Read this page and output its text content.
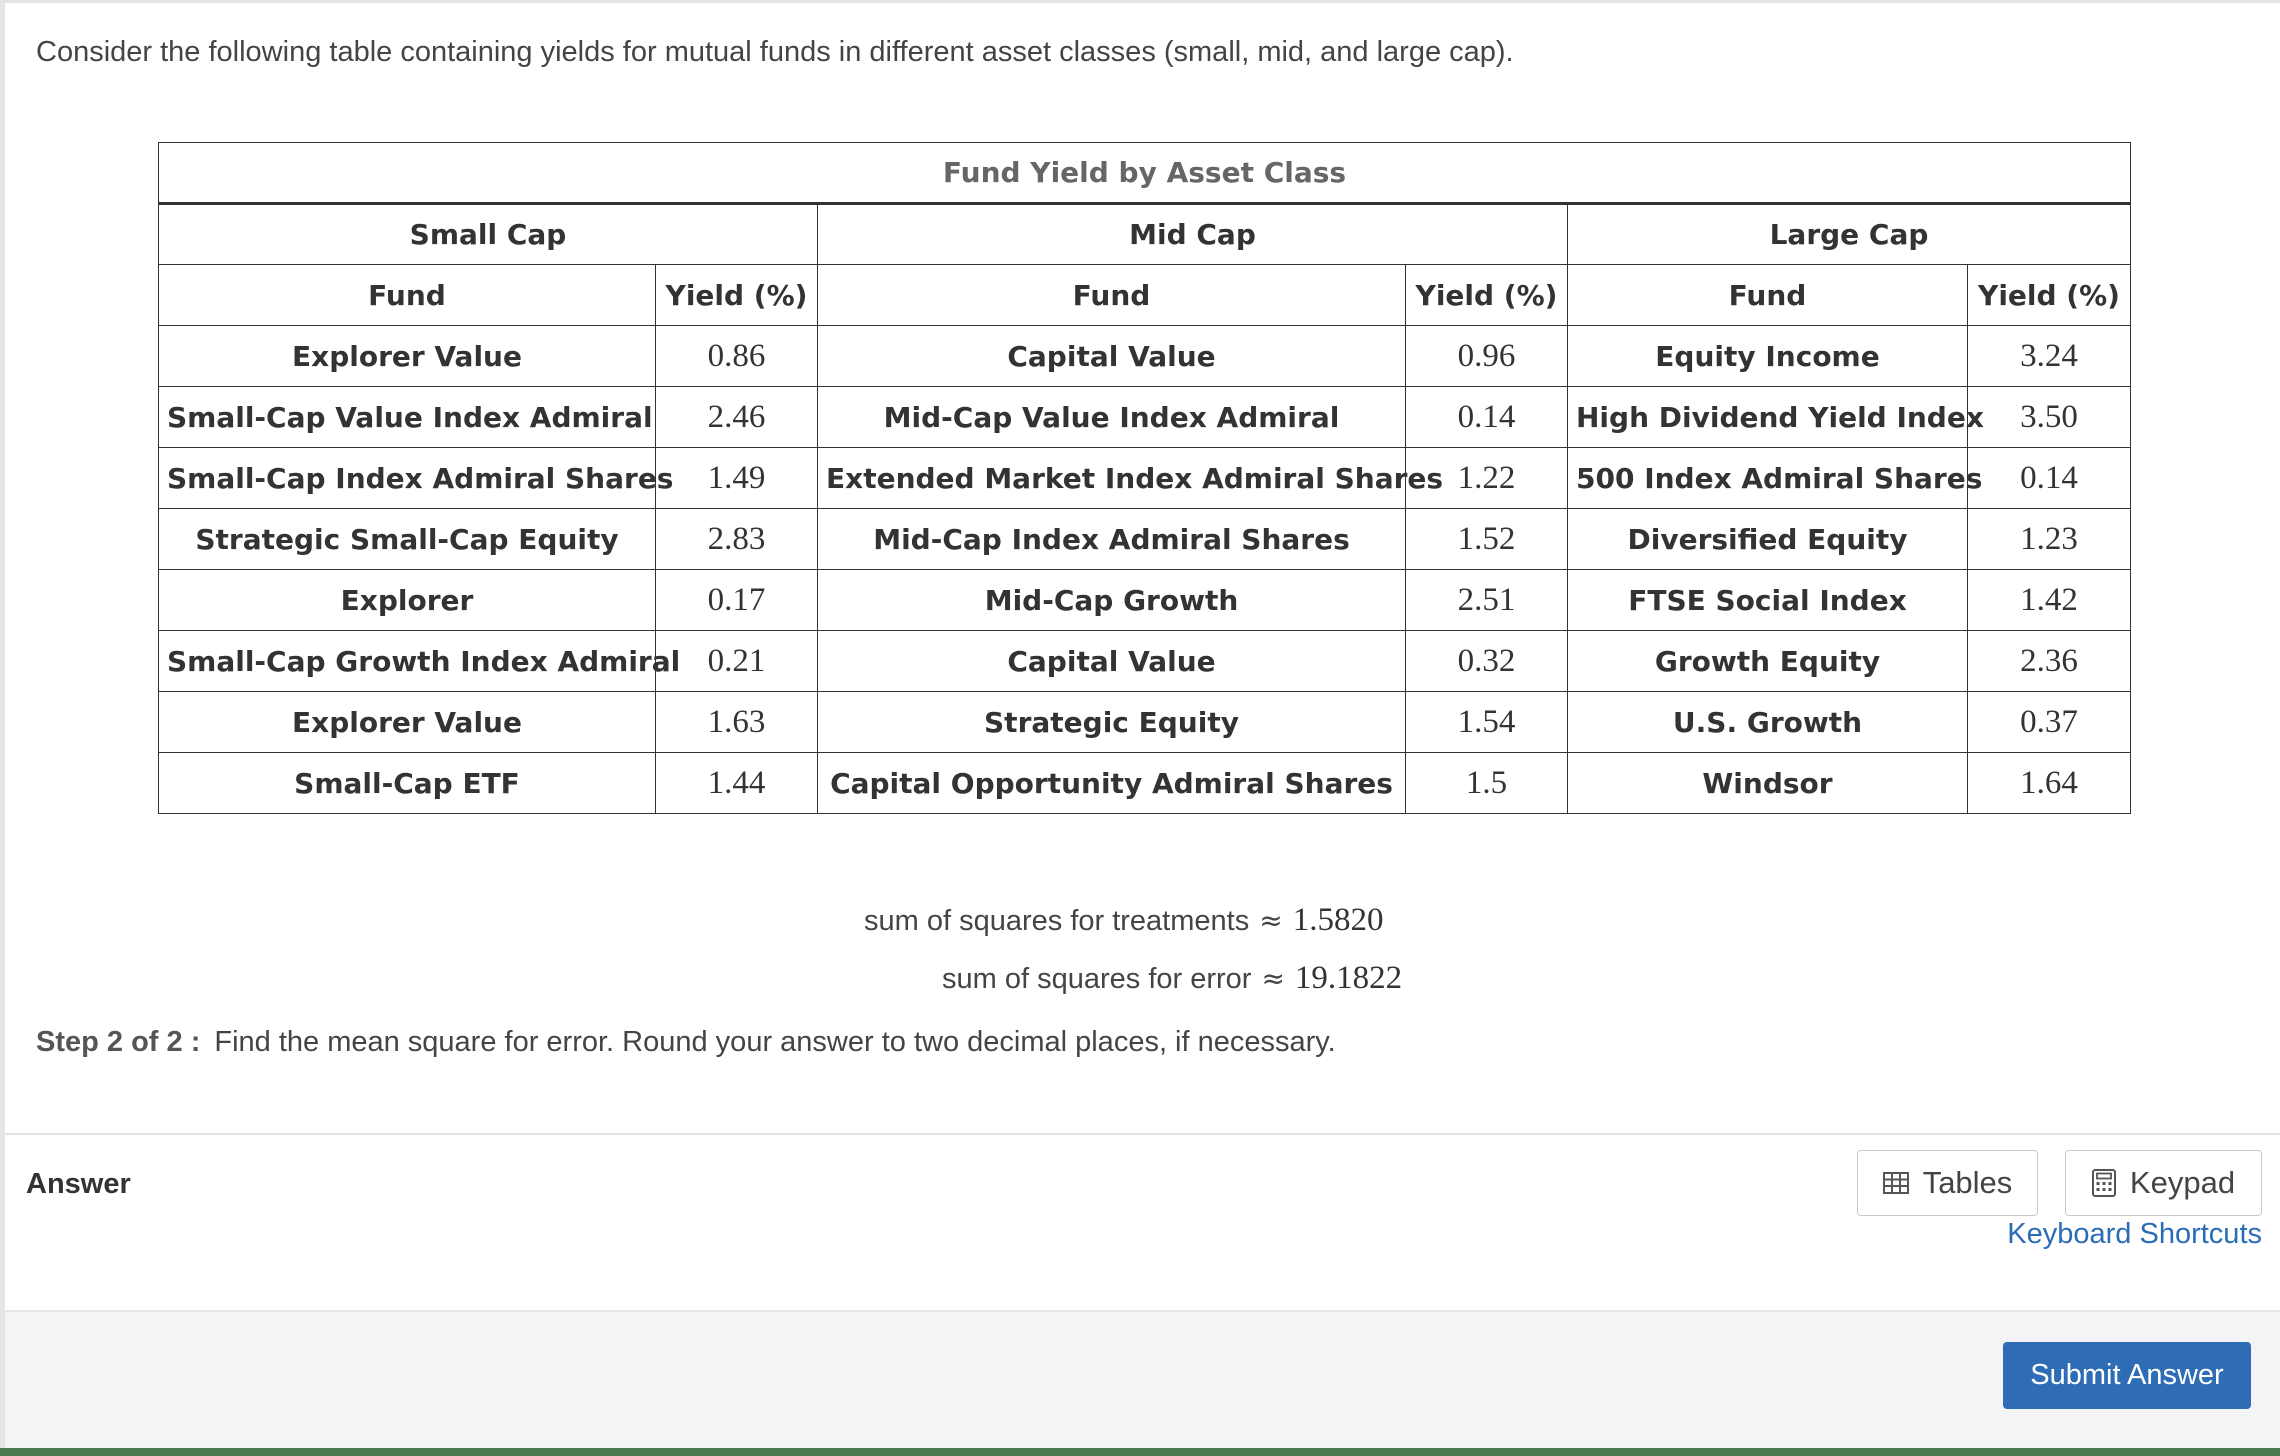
Consider the following table containing yields for mutual funds in different asset classes (small, mid, and large cap).
Fund Yield by Asset Class					
Small Cap		Mid Cap		Large Cap	
Fund	Yield (%)	Fund	Yield (%)	Fund	Yield (%)
Explorer Value	0.86	Capital Value	0.96	Equity Income	3.24
Small-Cap Value Index Admiral	2.46	Mid-Cap Value Index Admiral	0.14	High Dividend Yield Index	3.50
Small-Cap Index Admiral Shares	1.49	Extended Market Index Admiral Shares	1.22	500 Index Admiral Shares	0.14
Strategic Small-Cap Equity	2.83	Mid-Cap Index Admiral Shares	1.52	Diversified Equity	1.23
Explorer	0.17	Mid-Cap Growth	2.51	FTSE Social Index	1.42
Small-Cap Growth Index Admiral	0.21	Capital Value	0.32	Growth Equity	2.36
Explorer Value	1.63	Strategic Equity	1.54	U.S. Growth	0.37
Small-Cap ETF	1.44	Capital Opportunity Admiral Shares	1.5	Windsor	1.64
sum of squares for treatments ≈ 1.5820
sum of squares for error ≈ 19.1822
Step 2 of 2 : Find the mean square for error. Round your answer to two decimal places, if necessary.
Answer	Tables	Keypad
Keyboard Shortcuts
Submit Answer
